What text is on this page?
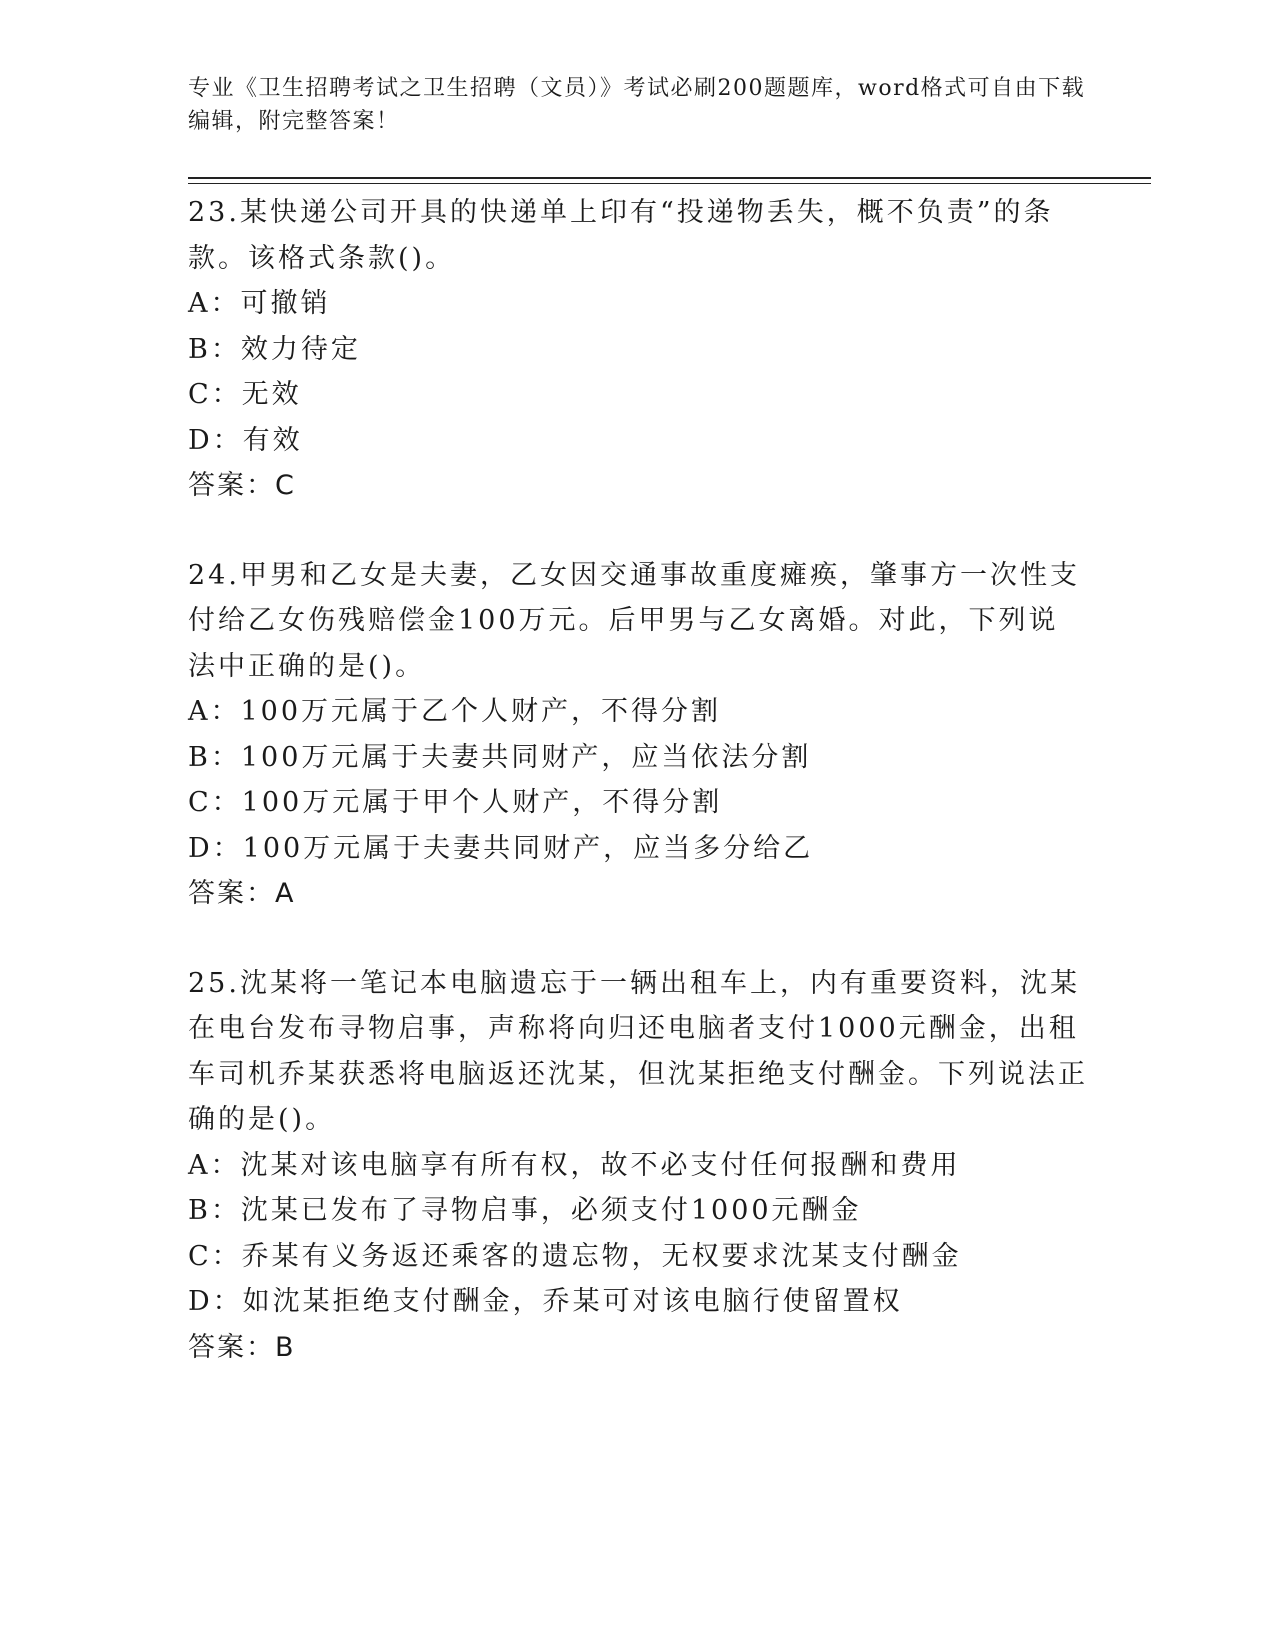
专业《卫生招聘考试之卫生招聘（文员）》考试必刷200题题库，word格式可自由下载编辑，附完整答案！

23.某快递公司开具的快递单上印有“投递物丢失，概不负责”的条款。该格式条款()。

A：可撤销

B：效力待定

C：无效

D：有效

答案：C

24.甲男和乙女是夫妻，乙女因交通事故重度瘫痪，肇事方一次性支付给乙女伤残赔偿金100万元。后甲男与乙女离婚。对此，下列说法中正确的是()。

A：100万元属于乙个人财产，不得分割

B：100万元属于夫妻共同财产，应当依法分割

C：100万元属于甲个人财产，不得分割

D：100万元属于夫妻共同财产，应当多分给乙

答案：A

25.沈某将一笔记本电脑遗忘于一辆出租车上，内有重要资料，沈某在电台发布寻物启事，声称将向归还电脑者支付1000元酬金，出租车司机乔某获悉将电脑返还沈某，但沈某拒绝支付酬金。下列说法正确的是()。

A：沈某对该电脑享有所有权，故不必支付任何报酬和费用

B：沈某已发布了寻物启事，必须支付1000元酬金

C：乔某有义务返还乘客的遗忘物，无权要求沈某支付酬金

D：如沈某拒绝支付酬金，乔某可对该电脑行使留置权

答案：B
